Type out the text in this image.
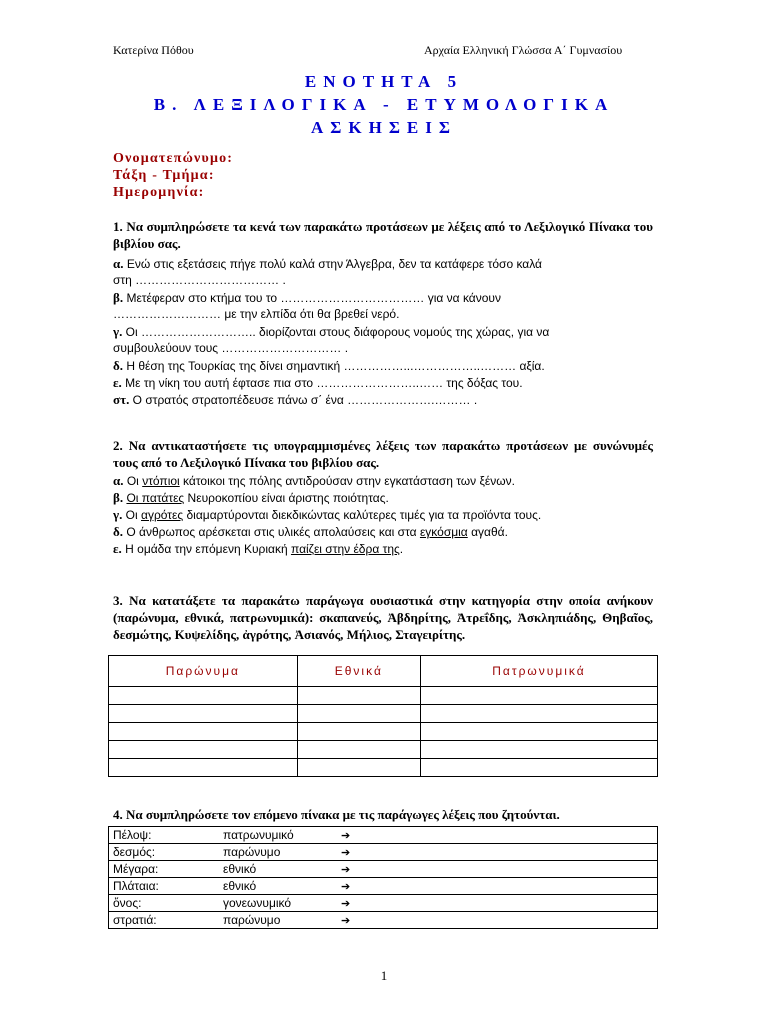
Κατερίνα Πόθου	Αρχαία Ελληνική Γλώσσα Α΄ Γυμνασίου
ΕΝΟΤΗΤΑ 5
Β. ΛΕΞΙΛΟΓΙΚΑ - ΕΤΥΜΟΛΟΓΙΚΑ
ΑΣΚΗΣΕΙΣ
Ονοματεπώνυμο:
Τάξη - Τμήμα:
Ημερομηνία:
1. Να συμπληρώσετε τα κενά των παρακάτω προτάσεων με λέξεις από το Λεξιλογικό Πίνακα του βιβλίου σας.
α. Ενώ στις εξετάσεις πήγε πολύ καλά στην Άλγεβρα, δεν τα κατάφερε τόσο καλά
στη ……………………………… .
β. Μετέφεραν στο κτήμα του το ……………………………… για να κάνουν
……………………… με την ελπίδα ότι θα βρεθεί νερό.
γ. Οι ……………………….. διορίζονται στους διάφορους νομούς της χώρας, για να
συμβουλεύουν τους ………………………… .
δ. Η θέση της Τουρκίας της δίνει σημαντική ……………...……………..……… αξία.
ε. Με τη νίκη του αυτή έφτασε πια στο ……………………..…… της δόξας του.
στ. Ο στρατός στρατοπέδευσε πάνω σ΄ ένα ………………….……… .
2. Να αντικαταστήσετε τις υπογραμμισμένες λέξεις των παρακάτω προτάσεων με συνώνυμές τους από το Λεξιλογικό Πίνακα του βιβλίου σας.
α. Οι ντόπιοι κάτοικοι της πόλης αντιδρούσαν στην εγκατάσταση των ξένων.
β. Οι πατάτες Νευροκοπίου είναι άριστης ποιότητας.
γ. Οι αγρότες διαμαρτύρονται διεκδικώντας καλύτερες τιμές για τα προϊόντα τους.
δ. Ο άνθρωπος αρέσκεται στις υλικές απολαύσεις και στα εγκόσμια αγαθά.
ε. Η ομάδα την επόμενη Κυριακή παίζει στην έδρα της.
3. Να κατατάξετε τα παρακάτω παράγωγα ουσιαστικά στην κατηγορία στην οποία ανήκουν (παρώνυμα, εθνικά, πατρωνυμικά): σκαπανεύς, Ἀβδηρίτης, Ἀτρεΐδης, Ἀσκληπιάδης, Θηβαῖος, δεσμώτης, Κυψελίδης, ἀγρότης, Ἀσιανός, Μήλιος, Σταγειρίτης.
Παρώνυμα	Εθνικά	Πατρωνυμικά

4. Να συμπληρώσετε τον επόμενο πίνακα με τις παράγωγες λέξεις που ζητούνται.
Πέλοψ:	πατρωνυμικό	➔
δεσμός:	παρώνυμο	➔
Μέγαρα:	εθνικό	➔
Πλάταια:	εθνικό	➔
ὄνος:	γονεωνυμικό	➔
στρατιά:	παρώνυμο	➔
1
